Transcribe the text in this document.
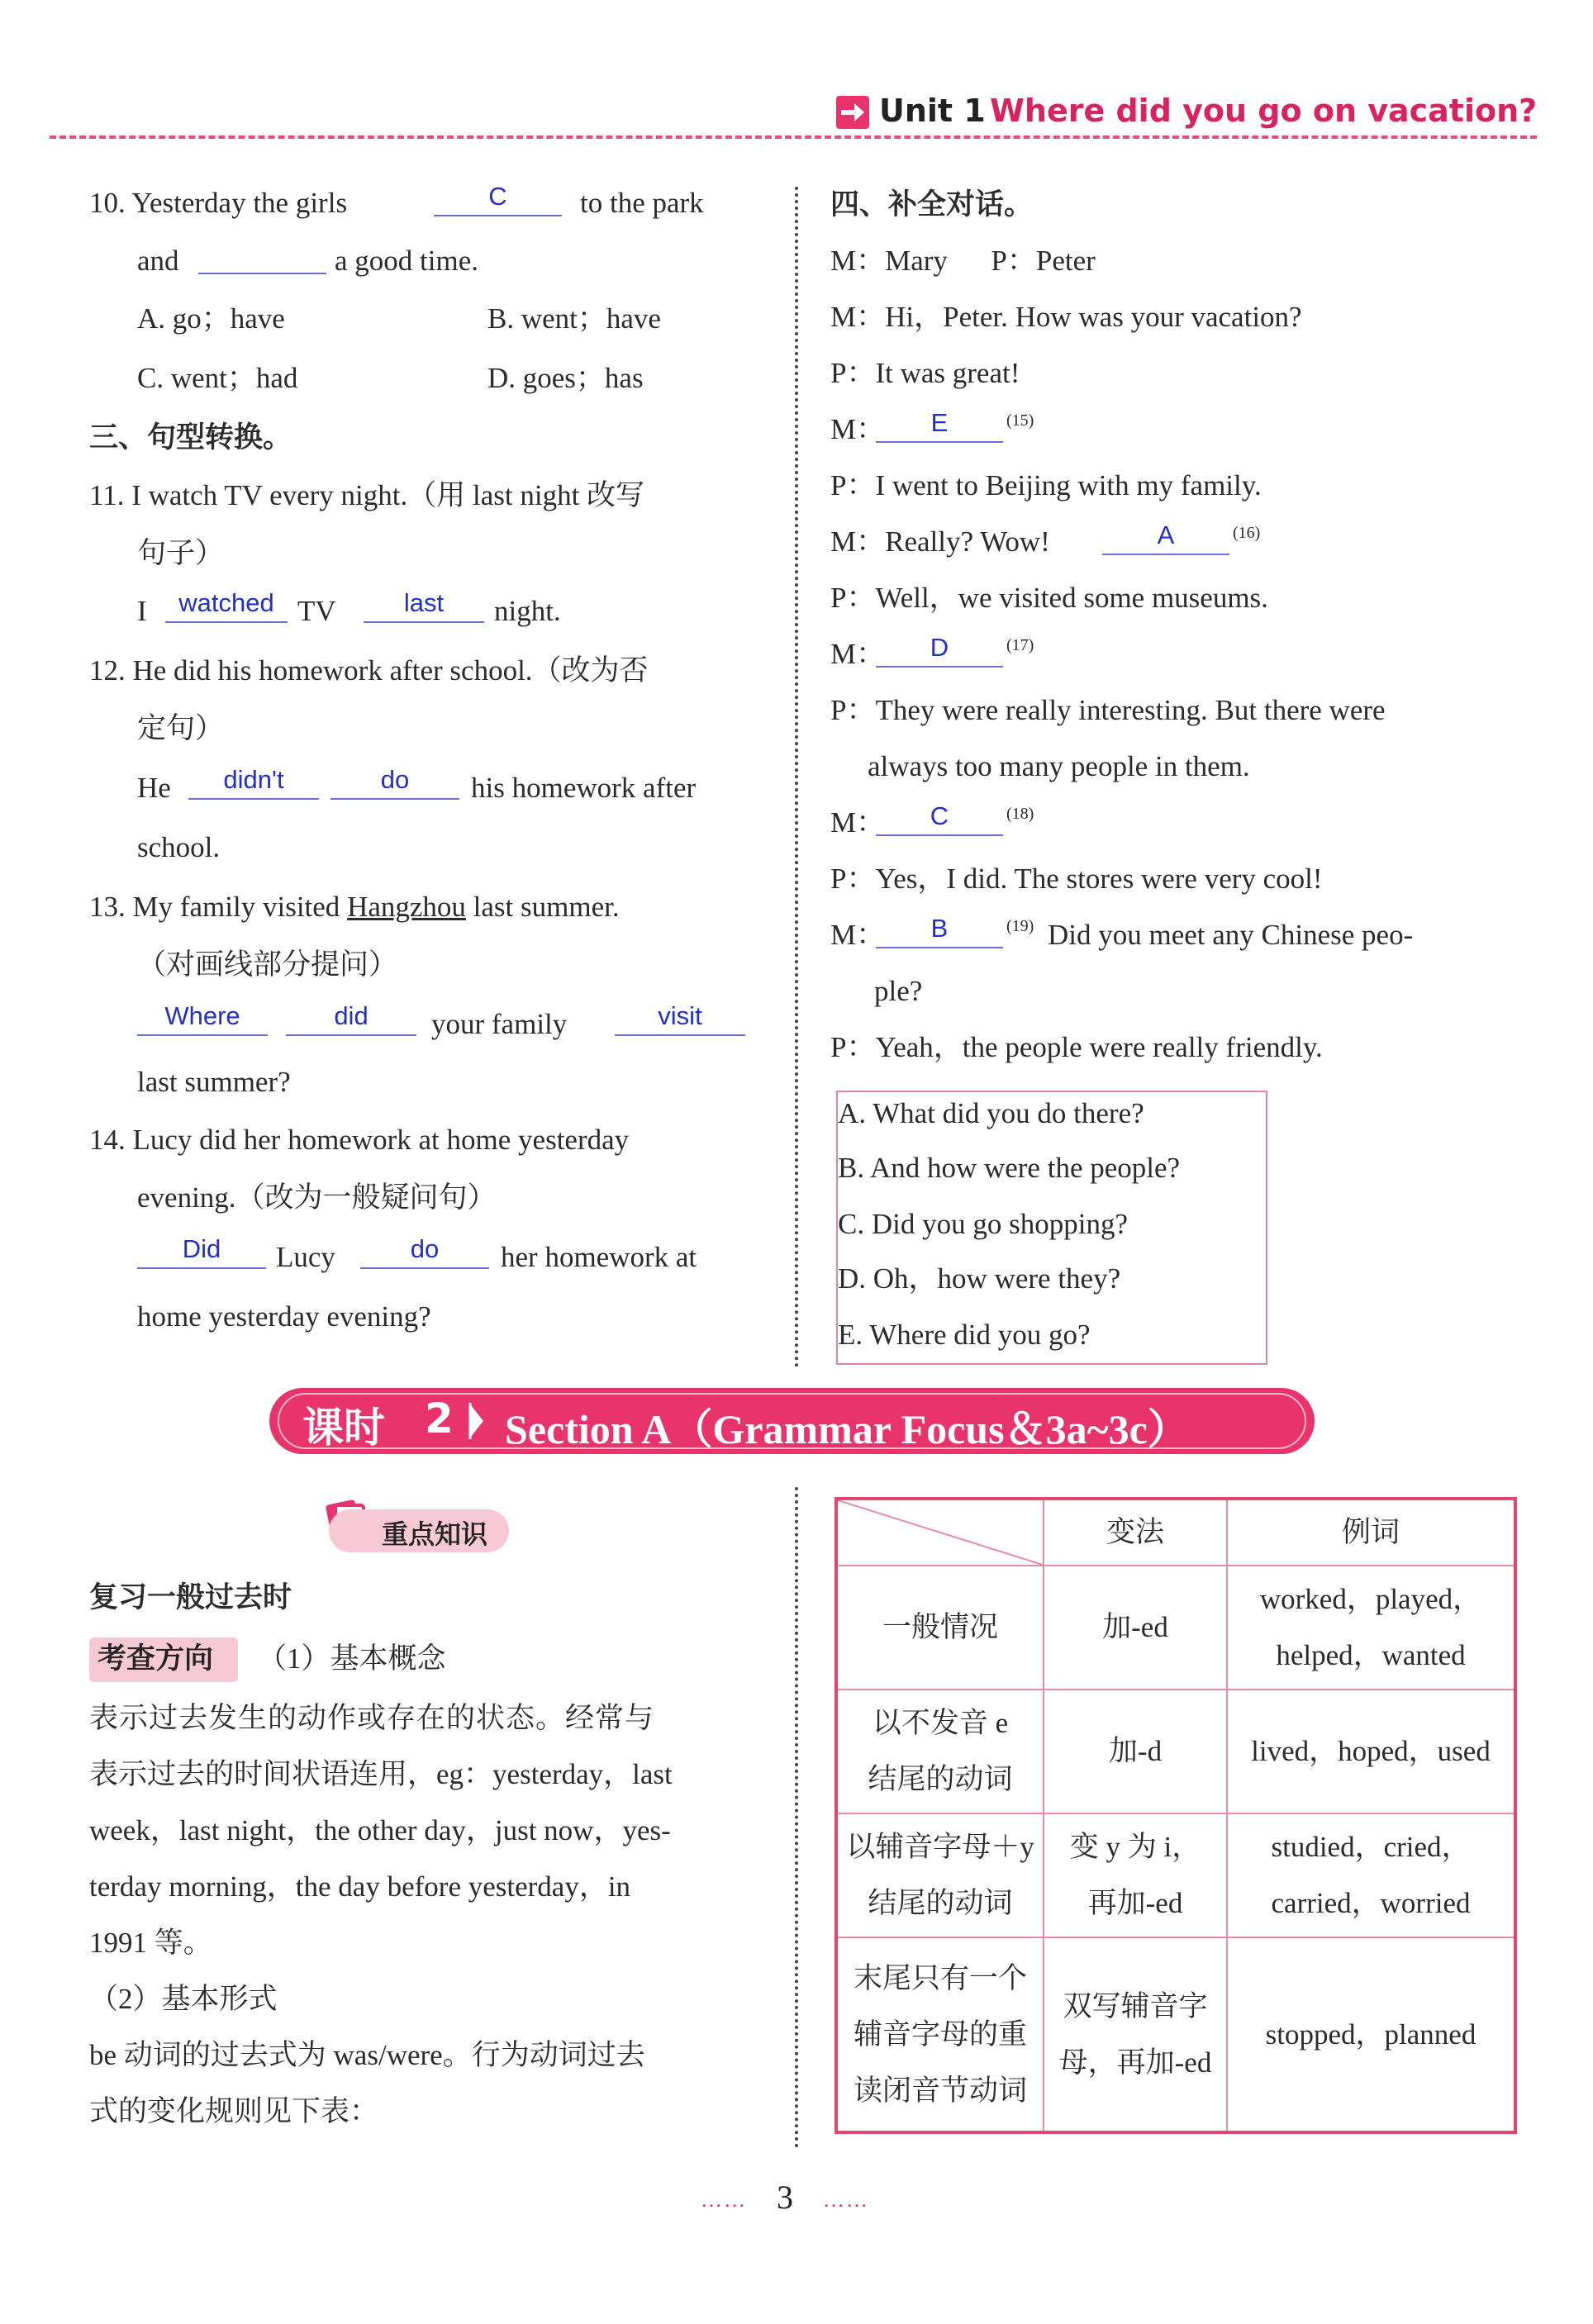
Unit 1 Where did you go on vacation?
10. Yesterday the girls	C	to the park
and	a good time.
A. go；have	B. went；have
C. went；had	D. goes；has
三、句型转换。
11. I watch TV every night.（用 last night 改写
句子）
I	watched TV	last	night.
12. He did his homework after school.（改为否
定句）
He	didn't	do	his homework after
school.
13. My family visited Hangzhou last summer.
（对画线部分提问）
Where	did	your family	visit
last summer?
14. Lucy did her homework at home yesterday
evening.（改为一般疑问句）
Did	Lucy	do	her homework at
home yesterday evening?
四、补全对话。
M：Mary      P：Peter
M：Hi，Peter. How was your vacation?
P：It was great!
M：	E	(15)
P：I went to Beijing with my family.
M：Really? Wow!	A	(16)
P：Well，we visited some museums.
M：	D	(17)
P：They were really interesting. But there were
always too many people in them.
M：	C	(18)
P：Yes，I did. The stores were very cool!
M：	B	(19) Did you meet any Chinese peo-
ple?
P：Yeah，the people were really friendly.
A. What did you do there?
B. And how were the people?
C. Did you go shopping?
D. Oh，how were they?
E. Where did you go?
课时 2 Section A（Grammar Focus＆3a~3c）
重点知识
复习一般过去时
考查方向 （1）基本概念
表示过去发生的动作或存在的状态。经常与
表示过去的时间状语连用，eg：yesterday，last
week，last night，the other day，just now，yes-
terday morning，the day before yesterday，in
1991 等。
（2）基本形式
be 动词的过去式为 was/were。行为动词过去
式的变化规则见下表：
	变法	例词
一般情况	加-ed	worked，played，
helped，wanted
以不发音 e
结尾的动词	加-d	lived，hoped，used
以辅音字母＋y
结尾的动词	变 y 为 i，
再加-ed	studied，cried，
carried，worried
末尾只有一个
辅音字母的重
读闭音节动词	双写辅音字
母，再加-ed	stopped，planned
…… 3 ……
